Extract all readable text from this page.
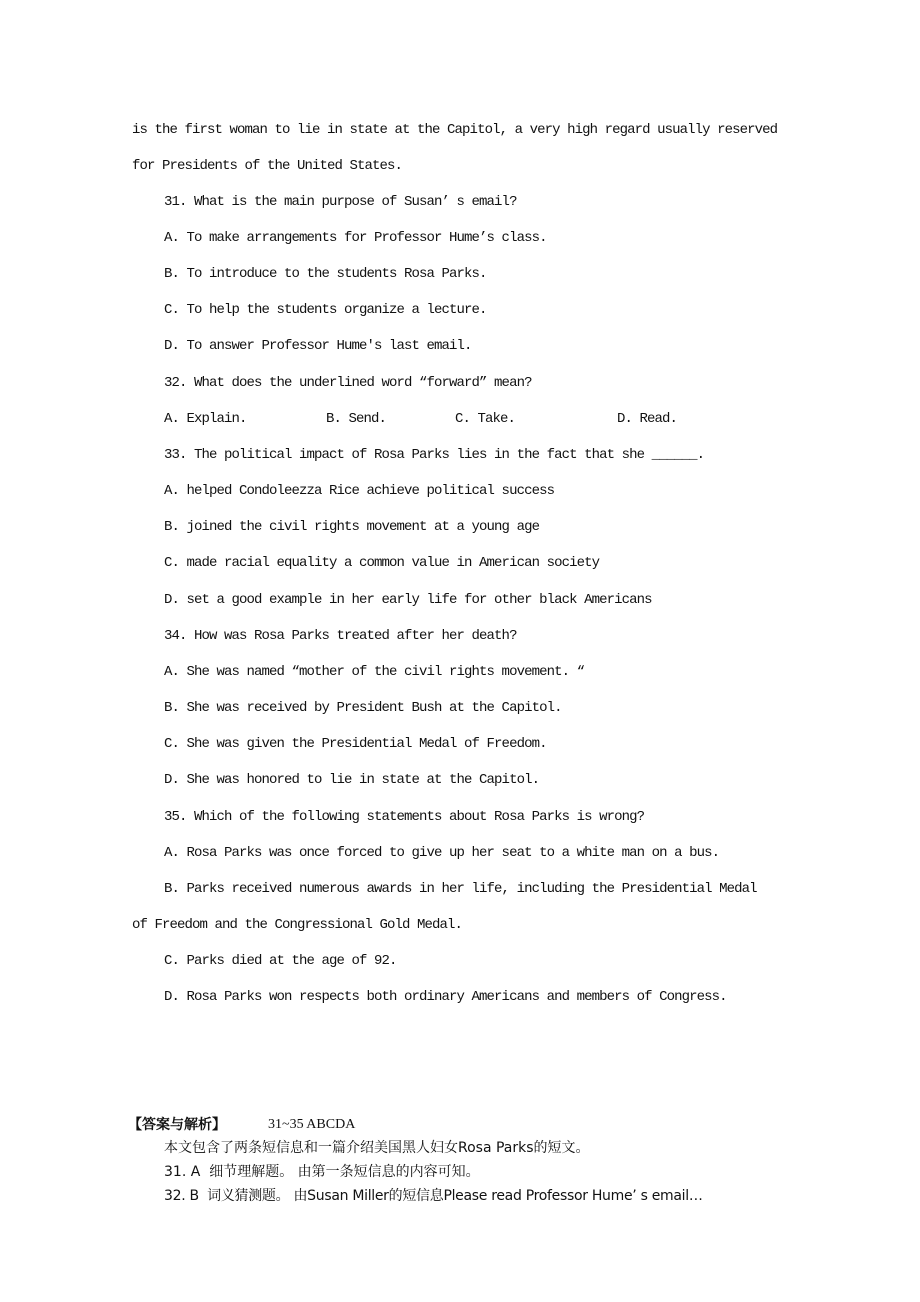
is the first woman to lie in state at the Capitol, a very high regard usually reserved
for Presidents of the United States.
31. What is the main purpose of Susan’ s email?
A. To make arrangements for Professor Hume’s class.
B. To introduce to the students Rosa Parks.
C. To help the students organize a lecture.
D. To answer Professor Hume's last email.
32. What does the underlined word “forward” mean?
A. Explain.	B. Send.	C. Take.	D. Read.
33. The political impact of Rosa Parks lies in the fact that she ______.
A. helped Condoleezza Rice achieve political success
B. joined the civil rights movement at a young age
C. made racial equality a common value in American society
D. set a good example in her early life for other black Americans
34. How was Rosa Parks treated after her death?
A. She was named “mother of the civil rights movement. “
B. She was received by President Bush at the Capitol.
C. She was given the Presidential Medal of Freedom.
D. She was honored to lie in state at the Capitol.
35. Which of the following statements about Rosa Parks is wrong?
A. Rosa Parks was once forced to give up her seat to a white man on a bus.
B. Parks received numerous awards in her life, including the Presidential Medal
of Freedom and the Congressional Gold Medal.
C. Parks died at the age of 92.
D. Rosa Parks won respects both ordinary Americans and members of Congress.
【答案与解析】	31~35 ABCDA
本文包含了两条短信息和一篇介绍美国黑人妇女Rosa Parks的短文。
31. A  细节理解题。 由第一条短信息的内容可知。
32. B  词义猜测题。 由Susan Miller的短信息Please read Professor Hume’ s email…
